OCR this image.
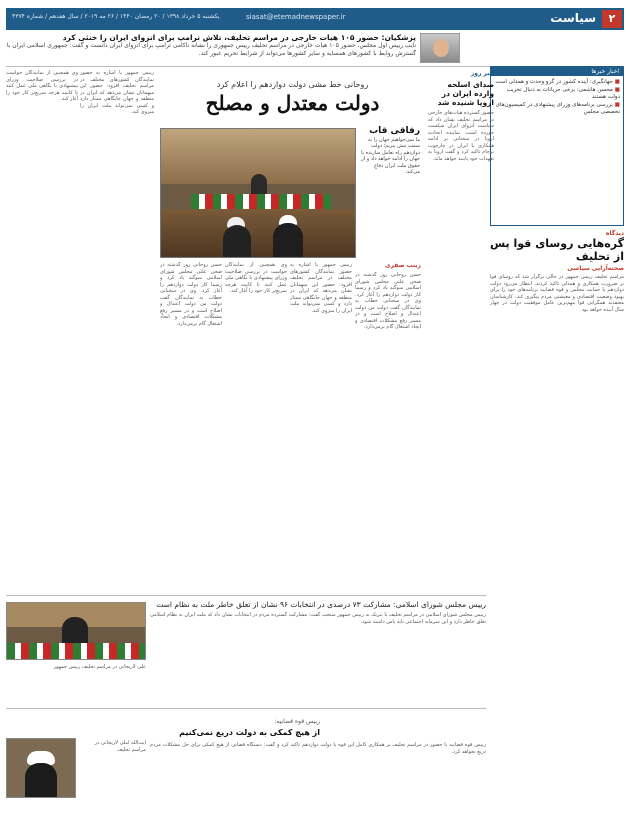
۲
سیاست
siasat@etemadnewspaper.ir
یکشنبه ۵ خرداد ۱۳۹۸ / ۲۰ رمضان ۱۴۴۰ / ۲۶ مه ۲۰۱۹ / سال هفدهم / شماره ۴۳۷۴
پزشکیان: حضور ۱۰۵ هیات خارجی در مراسم تحلیف، تلاش ترامپ برای انزوای ایران را خنثی کرد
نایب رییس اول مجلس، حضور ۱۰۵ هیات خارجی در مراسم تحلیف رییس جمهوری را نشانه ناکامی ترامپ برای انزوای ایران دانست و گفت: جمهوری اسلامی ایران با گسترش روابط با کشورهای همسایه و سایر کشورها می‌تواند از شرایط تحریم عبور کند.
اخبار خبرها

■ جهانگیری: آینده کشور در گرو وحدت و همدلی است

■ محسن هاشمی: برخی جریانات به دنبال تخریب دولت هستند

■ بررسی برنامه‌های وزرای پیشنهادی در کمیسیون‌های تخصصی مجلس

دیدگاه
گره‌هایی روسای قوا پس از تحلیف
صحنه‌آرایی سیاسی

مراسم تحلیف رییس جمهور در حالی برگزار شد که روسای قوا بر ضرورت همکاری و همدلی تاکید کردند. انتظار می‌رود دولت دوازدهم با حمایت مجلس و قوه قضاییه برنامه‌های خود را برای بهبود وضعیت اقتصادی و معیشتی مردم پیگیری کند. کارشناسان معتقدند همگرایی قوا مهم‌ترین عامل موفقیت دولت در چهار سال آینده خواهد بود.

خبر روز
صدای اسلحه وارده ایران در اروپا شنیده شد

حضور گسترده هیات‌های خارجی در مراسم تحلیف نشان داد که سیاست انزوای ایران شکست خورده است. نماینده اتحادیه اروپا در سخنانی بر ادامه همکاری با ایران در چارچوب برجام تاکید کرد و گفت اروپا به تعهدات خود پایبند خواهد ماند.

روحانی خط مشی دولت دوازدهم را اعلام کرد
دولت معتدل و مصلح
رفاقی قاب
ما نمی‌خواهیم جهان را به سمت تنش ببریم؛ دولت دوازدهم راه تعامل سازنده با جهان را ادامه خواهد داد و از حقوق ملت ایران دفاع می‌کند.
زینب صفری

حسن روحانی روز گذشته در صحن علنی مجلس شورای اسلامی سوگند یاد کرد و رسما کار دولت دوازدهم را آغاز کرد. وی در سخنانی خطاب به نمایندگان گفت دولت من دولت اعتدال و اصلاح است و در مسیر رفع مشکلات اقتصادی و ایجاد اشتغال گام برمی‌دارد.

رییس جمهور با اشاره به حضور نمایندگان کشورهای مختلف در مراسم تحلیف افزود: حضور این میهمانان نشان می‌دهد که ایران در منطقه و جهان جایگاهی ممتاز دارد و کسی نمی‌تواند ملت ایران را منزوی کند.

وی همچنین از نمایندگان خواست در بررسی صلاحیت وزرای پیشنهادی با نگاهی ملی عمل کنند تا کابینه هرچه سریع‌تر کار خود را آغاز کند.

حسن روحانی روز گذشته در صحن علنی مجلس شورای اسلامی سوگند یاد کرد و رسما کار دولت دوازدهم را آغاز کرد. وی در سخنانی خطاب به نمایندگان گفت دولت من دولت اعتدال و اصلاح است و در مسیر رفع مشکلات اقتصادی و ایجاد اشتغال گام برمی‌دارد.

رییس جمهور با اشاره به حضور نمایندگان کشورهای مختلف در مراسم تحلیف افزود: حضور این میهمانان نشان می‌دهد که ایران در منطقه و جهان جایگاهی ممتاز دارد و کسی نمی‌تواند ملت ایران را منزوی کند.

وی همچنین از نمایندگان خواست در بررسی صلاحیت وزرای پیشنهادی با نگاهی ملی عمل کنند تا کابینه هرچه سریع‌تر کار خود را آغاز کند.

رییس مجلس شورای اسلامی: مشارکت ۷۳ درصدی در انتخابات ۹۶ نشان از تعلق خاطر ملت به نظام است

رییس مجلس شورای اسلامی در مراسم تحلیف با تبریک به رییس جمهور منتخب گفت: مشارکت گسترده مردم در انتخابات نشان داد که ملت ایران به نظام اسلامی تعلق خاطر دارد و این سرمایه اجتماعی باید پاس داشته شود.

علی لاریجانی در مراسم تحلیف رییس جمهور

رییس قوه قضاییه:
از هیچ کمکی به دولت دریغ نمی‌کنیم

رییس قوه قضاییه با حضور در مراسم تحلیف بر همکاری کامل این قوه با دولت دوازدهم تاکید کرد و گفت: دستگاه قضایی از هیچ کمکی برای حل مشکلات مردم دریغ نخواهد کرد.

آیت‌الله آملی لاریجانی در مراسم تحلیف
